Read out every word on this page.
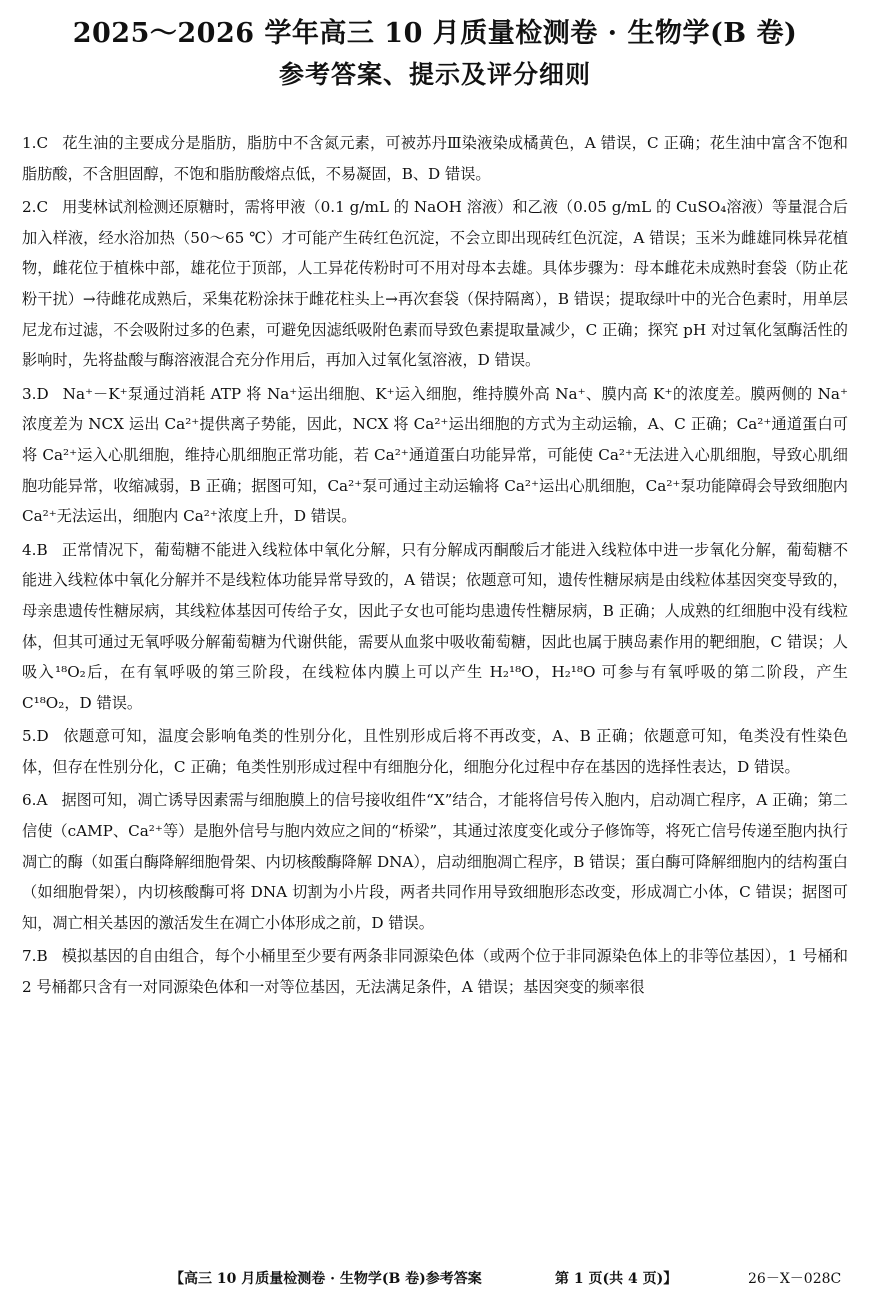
2025～2026 学年高三 10 月质量检测卷 · 生物学(B 卷)
参考答案、提示及评分细则

1.C 花生油的主要成分是脂肪，脂肪中不含氮元素，可被苏丹Ⅲ染液染成橘黄色，A 错误，C 正确；花生油中富含不饱和脂肪酸，不含胆固醇，不饱和脂肪酸熔点低，不易凝固，B、D 错误。

2.C 用斐林试剂检测还原糖时，需将甲液（0.1 g/mL 的 NaOH 溶液）和乙液（0.05 g/mL 的 CuSO₄溶液）等量混合后加入样液，经水浴加热（50～65 ℃）才可能产生砖红色沉淀，不会立即出现砖红色沉淀，A 错误；玉米为雌雄同株异花植物，雌花位于植株中部，雄花位于顶部，人工异花传粉时可不用对母本去雄。具体步骤为：母本雌花未成熟时套袋（防止花粉干扰）→待雌花成熟后，采集花粉涂抹于雌花柱头上→再次套袋（保持隔离），B 错误；提取绿叶中的光合色素时，用单层尼龙布过滤，不会吸附过多的色素，可避免因滤纸吸附色素而导致色素提取量减少，C 正确；探究 pH 对过氧化氢酶活性的影响时，先将盐酸与酶溶液混合充分作用后，再加入过氧化氢溶液，D 错误。

3.D Na⁺－K⁺泵通过消耗 ATP 将 Na⁺运出细胞、K⁺运入细胞，维持膜外高 Na⁺、膜内高 K⁺的浓度差。膜两侧的 Na⁺浓度差为 NCX 运出 Ca²⁺提供离子势能，因此，NCX 将 Ca²⁺运出细胞的方式为主动运输，A、C 正确；Ca²⁺通道蛋白可将 Ca²⁺运入心肌细胞，维持心肌细胞正常功能，若 Ca²⁺通道蛋白功能异常，可能使 Ca²⁺无法进入心肌细胞，导致心肌细胞功能异常，收缩减弱，B 正确；据图可知，Ca²⁺泵可通过主动运输将 Ca²⁺运出心肌细胞，Ca²⁺泵功能障碍会导致细胞内 Ca²⁺无法运出，细胞内 Ca²⁺浓度上升，D 错误。

4.B 正常情况下，葡萄糖不能进入线粒体中氧化分解，只有分解成丙酮酸后才能进入线粒体中进一步氧化分解，葡萄糖不能进入线粒体中氧化分解并不是线粒体功能异常导致的，A 错误；依题意可知，遗传性糖尿病是由线粒体基因突变导致的，母亲患遗传性糖尿病，其线粒体基因可传给子女，因此子女也可能均患遗传性糖尿病，B 正确；人成熟的红细胞中没有线粒体，但其可通过无氧呼吸分解葡萄糖为代谢供能，需要从血浆中吸收葡萄糖，因此也属于胰岛素作用的靶细胞，C 错误；人吸入¹⁸O₂后，在有氧呼吸的第三阶段，在线粒体内膜上可以产生 H₂¹⁸O，H₂¹⁸O 可参与有氧呼吸的第二阶段，产生 C¹⁸O₂，D 错误。

5.D 依题意可知，温度会影响龟类的性别分化，且性别形成后将不再改变，A、B 正确；依题意可知，龟类没有性染色体，但存在性别分化，C 正确；龟类性别形成过程中有细胞分化，细胞分化过程中存在基因的选择性表达，D 错误。

6.A 据图可知，凋亡诱导因素需与细胞膜上的信号接收组件“X”结合，才能将信号传入胞内，启动凋亡程序，A 正确；第二信使（cAMP、Ca²⁺等）是胞外信号与胞内效应之间的“桥梁”，其通过浓度变化或分子修饰等，将死亡信号传递至胞内执行凋亡的酶（如蛋白酶降解细胞骨架、内切核酸酶降解 DNA），启动细胞凋亡程序，B 错误；蛋白酶可降解细胞内的结构蛋白（如细胞骨架），内切核酸酶可将 DNA 切割为小片段，两者共同作用导致细胞形态改变，形成凋亡小体，C 错误；据图可知，凋亡相关基因的激活发生在凋亡小体形成之前，D 错误。

7.B 模拟基因的自由组合，每个小桶里至少要有两条非同源染色体（或两个位于非同源染色体上的非等位基因），1 号桶和 2 号桶都只含有一对同源染色体和一对等位基因，无法满足条件，A 错误；基因突变的频率很

【高三 10 月质量检测卷 · 生物学(B 卷)参考答案	第 1 页(共 4 页)】	26－X－028C
